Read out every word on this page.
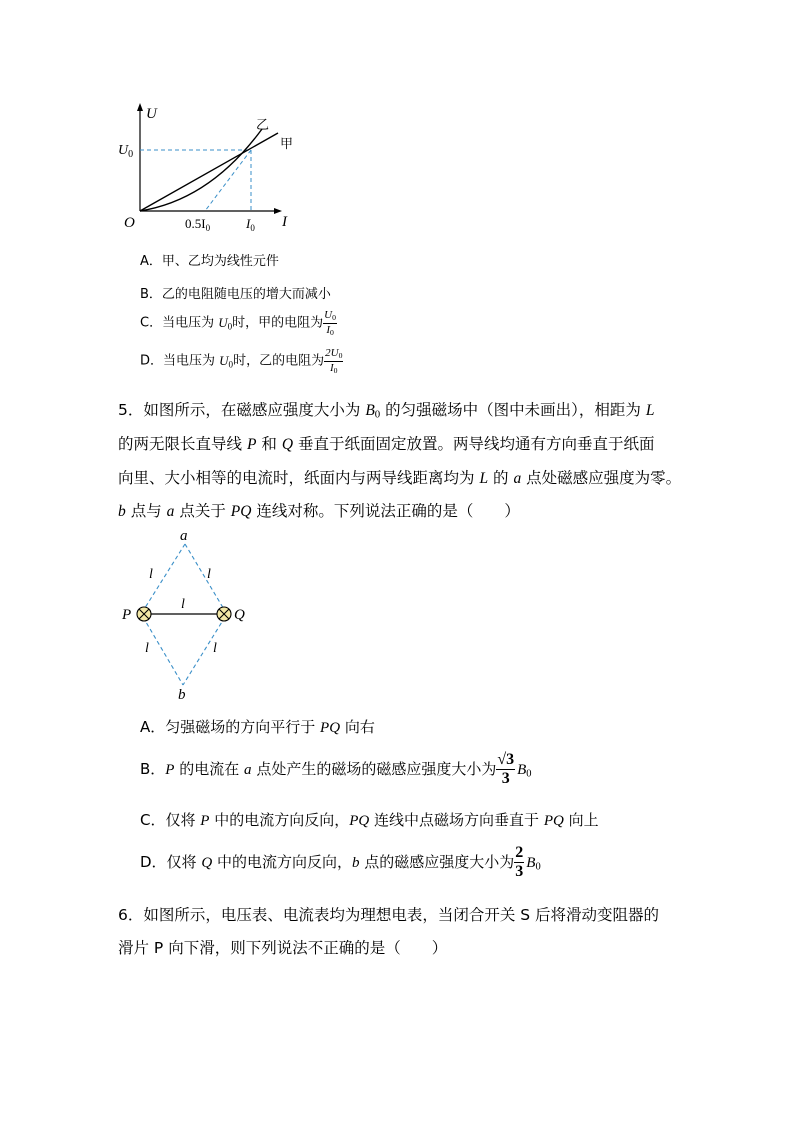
U
O	I
$U_0$
$0.5I_0$	$I_0$
乙
甲
A．甲、乙均为线性元件
B．乙的电阻随电压的增大而减小
C．当电压为 $U_0$时，甲的电阻为 $\frac{U_0}{I_0}$
D．当电压为 $U_0$时，乙的电阻为 $\frac{2U_0}{I_0}$
5．如图所示，在磁感应强度大小为 $B_0$ 的匀强磁场中（图中未画出），相距为 L
的两无限长直导线 P 和 Q 垂直于纸面固定放置。两导线均通有方向垂直于纸面
向里、大小相等的电流时，纸面内与两导线距离均为 L 的 a 点处磁感应强度为零。
b 点与 a 点关于 PQ 连线对称。下列说法正确的是（　　）
a
b
P	Q
l	l
l
l	l
A．匀强磁场的方向平行于 PQ 向右
B．P 的电流在 a 点处产生的磁场的磁感应强度大小为 $\frac{√3}{3} B_0$
C．仅将 P 中的电流方向反向，PQ 连线中点磁场方向垂直于 PQ 向上
D．仅将 Q 中的电流方向反向，b 点的磁感应强度大小为 $\frac{2}{3} B_0$
6．如图所示，电压表、电流表均为理想电表，当闭合开关 S 后将滑动变阻器的
滑片 P 向下滑，则下列说法不正确的是（　　）
